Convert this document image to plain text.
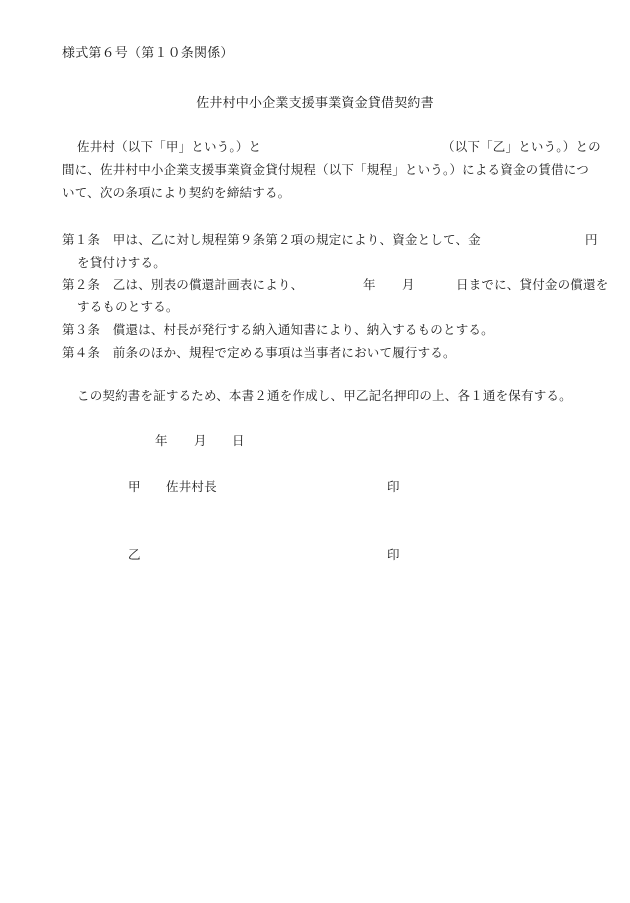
様式第６号（第１０条関係）
佐井村中小企業支援事業資金貸借契約書
佐井村（以下「甲」という。）と	（以下「乙」という。）との
間に、佐井村中小企業支援事業資金貸付規程（以下「規程」という。）による資金の賃借につ
いて、次の条項により契約を締結する。
第１条　甲は、乙に対し規程第９条第２項の規定により、資金として、金	円
を貸付けする。
第２条　乙は、別表の償還計画表により、	年 月	日までに、貸付金の償還を
するものとする。
第３条　償還は、村長が発行する納入通知書により、納入するものとする。
第４条　前条のほか、規程で定める事項は当事者において履行する。
この契約書を証するため、本書２通を作成し、甲乙記名押印の上、各１通を保有する。
年 月 日
甲 佐井村長	印
乙	印
